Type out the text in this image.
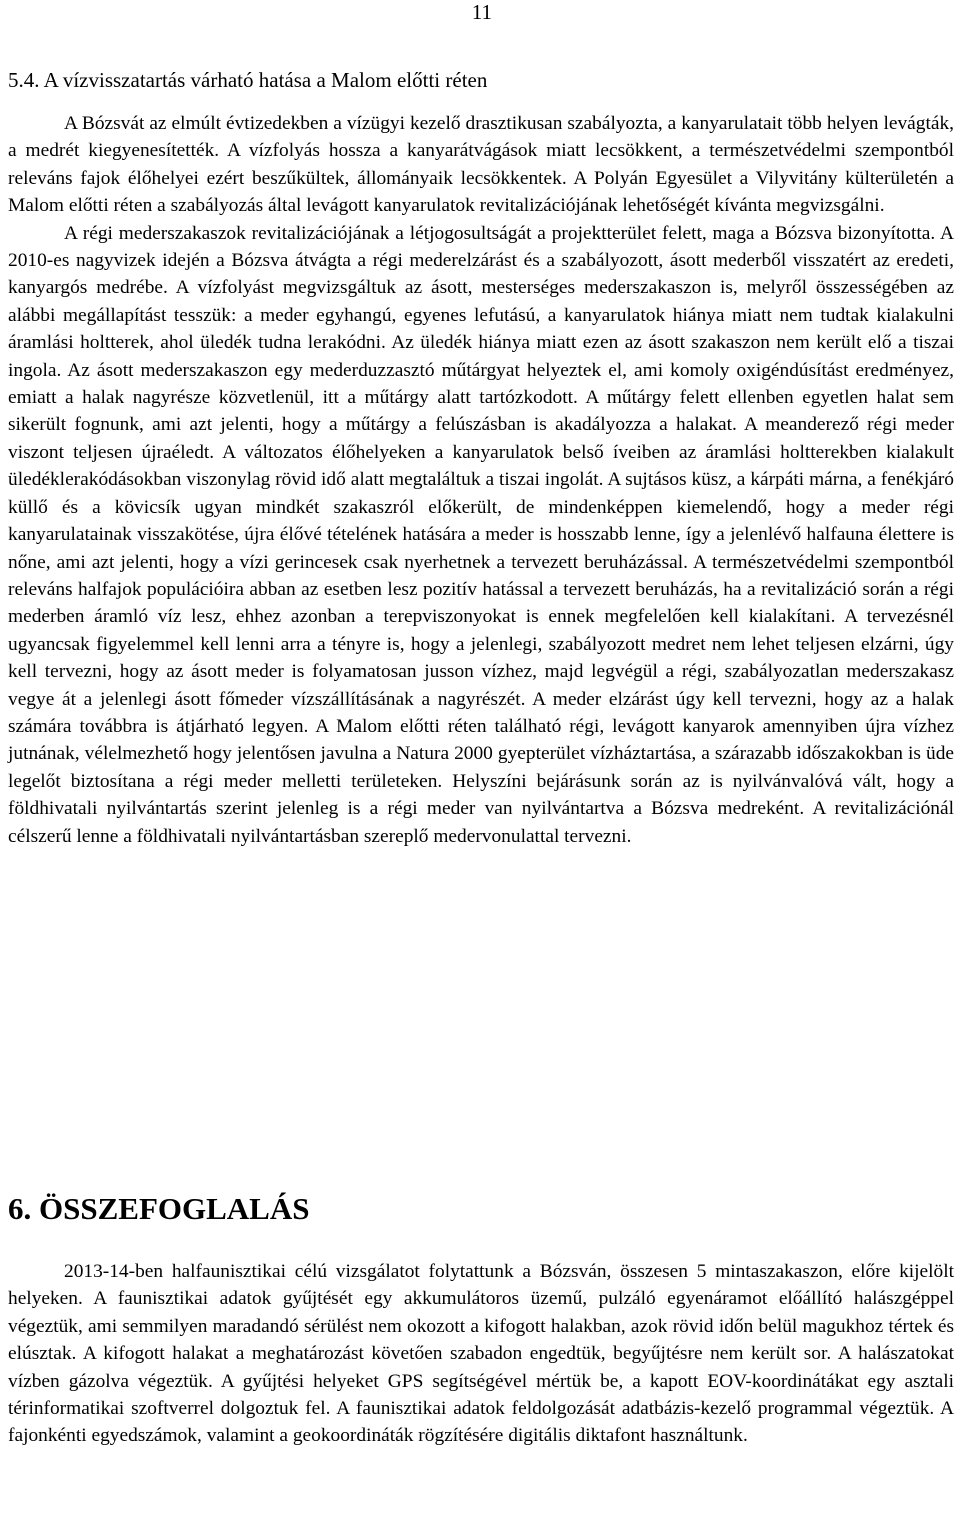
11
5.4. A vízvisszatartás várható hatása a Malom előtti réten
A Bózsvát az elmúlt évtizedekben a vízügyi kezelő drasztikusan szabályozta, a kanyarulatait több helyen levágták, a medrét kiegyenesítették. A vízfolyás hossza a kanyarátvágások miatt lecsökkent, a természetvédelmi szempontból releváns fajok élőhelyei ezért beszűkültek, állományaik lecsökkentek. A Polyán Egyesület a Vilyvitány külterületén a Malom előtti réten a szabályozás által levágott kanyarulatok revitalizációjának lehetőségét kívánta megvizsgálni.
A régi mederszakaszok revitalizációjának a létjogosultságát a projektterület felett, maga a Bózsva bizonyította. A 2010-es nagyvizek idején a Bózsva átvágta a régi mederelzárást és a szabályozott, ásott mederből visszatért az eredeti, kanyargós medrébe. A vízfolyást megvizsgáltuk az ásott, mesterséges mederszakaszon is, melyről összességében az alábbi megállapítást tesszük: a meder egyhangú, egyenes lefutású, a kanyarulatok hiánya miatt nem tudtak kialakulni áramlási holtterek, ahol üledék tudna lerakódni. Az üledék hiánya miatt ezen az ásott szakaszon nem került elő a tiszai ingola. Az ásott mederszakaszon egy mederduzzasztó műtárgyat helyeztek el, ami komoly oxigéndúsítást eredményez, emiatt a halak nagyrésze közvetlenül, itt a műtárgy alatt tartózkodott. A műtárgy felett ellenben egyetlen halat sem sikerült fognunk, ami azt jelenti, hogy a műtárgy a felúszásban is akadályozza a halakat. A meanderező régi meder viszont teljesen újraéledt. A változatos élőhelyeken a kanyarulatok belső íveiben az áramlási holtterekben kialakult üledéklerakódásokban viszonylag rövid idő alatt megtaláltuk a tiszai ingolát. A sujtásos küsz, a kárpáti márna, a fenékjáró küllő és a kövicsík ugyan mindkét szakaszról előkerült, de mindenképpen kiemelendő, hogy a meder régi kanyarulatainak visszakötése, újra élővé tételének hatására a meder is hosszabb lenne, így a jelenlévő halfauna élettere is nőne, ami azt jelenti, hogy a vízi gerincesek csak nyerhetnek a tervezett beruházással. A természetvédelmi szempontból releváns halfajok populációira abban az esetben lesz pozitív hatással a tervezett beruházás, ha a revitalizáció során a régi mederben áramló víz lesz, ehhez azonban a terepviszonyokat is ennek megfelelően kell kialakítani. A tervezésnél ugyancsak figyelemmel kell lenni arra a tényre is, hogy a jelenlegi, szabályozott medret nem lehet teljesen elzárni, úgy kell tervezni, hogy az ásott meder is folyamatosan jusson vízhez, majd legvégül a régi, szabályozatlan mederszakasz vegye át a jelenlegi ásott főmeder vízszállításának a nagyrészét. A meder elzárást úgy kell tervezni, hogy az a halak számára továbbra is átjárható legyen. A Malom előtti réten található régi, levágott kanyarok amennyiben újra vízhez jutnának, vélelmezhető hogy jelentősen javulna a Natura 2000 gyepterület vízháztartása, a szárazabb időszakokban is üde legelőt biztosítana a régi meder melletti területeken. Helyszíni bejárásunk során az is nyilvánvalóvá vált, hogy a földhivatali nyilvántartás szerint jelenleg is a régi meder van nyilvántartva a Bózsva medreként. A revitalizációnál célszerű lenne a földhivatali nyilvántartásban szereplő medervonulattal tervezni.
6. ÖSSZEFOGLALÁS
2013-14-ben halfaunisztikai célú vizsgálatot folytattunk a Bózsván, összesen 5 mintaszakaszon, előre kijelölt helyeken. A faunisztikai adatok gyűjtését egy akkumulátoros üzemű, pulzáló egyenáramot előállító halászgéppel végeztük, ami semmilyen maradandó sérülést nem okozott a kifogott halakban, azok rövid időn belül magukhoz tértek és elúsztak. A kifogott halakat a meghatározást követően szabadon engedtük, begyűjtésre nem került sor. A halászatokat vízben gázolva végeztük. A gyűjtési helyeket GPS segítségével mértük be, a kapott EOV-koordinátákat egy asztali térinformatikai szoftverrel dolgoztuk fel. A faunisztikai adatok feldolgozását adatbázis-kezelő programmal végeztük. A fajonkénti egyedszámok, valamint a geokoordináták rögzítésére digitális diktafont használtunk.
